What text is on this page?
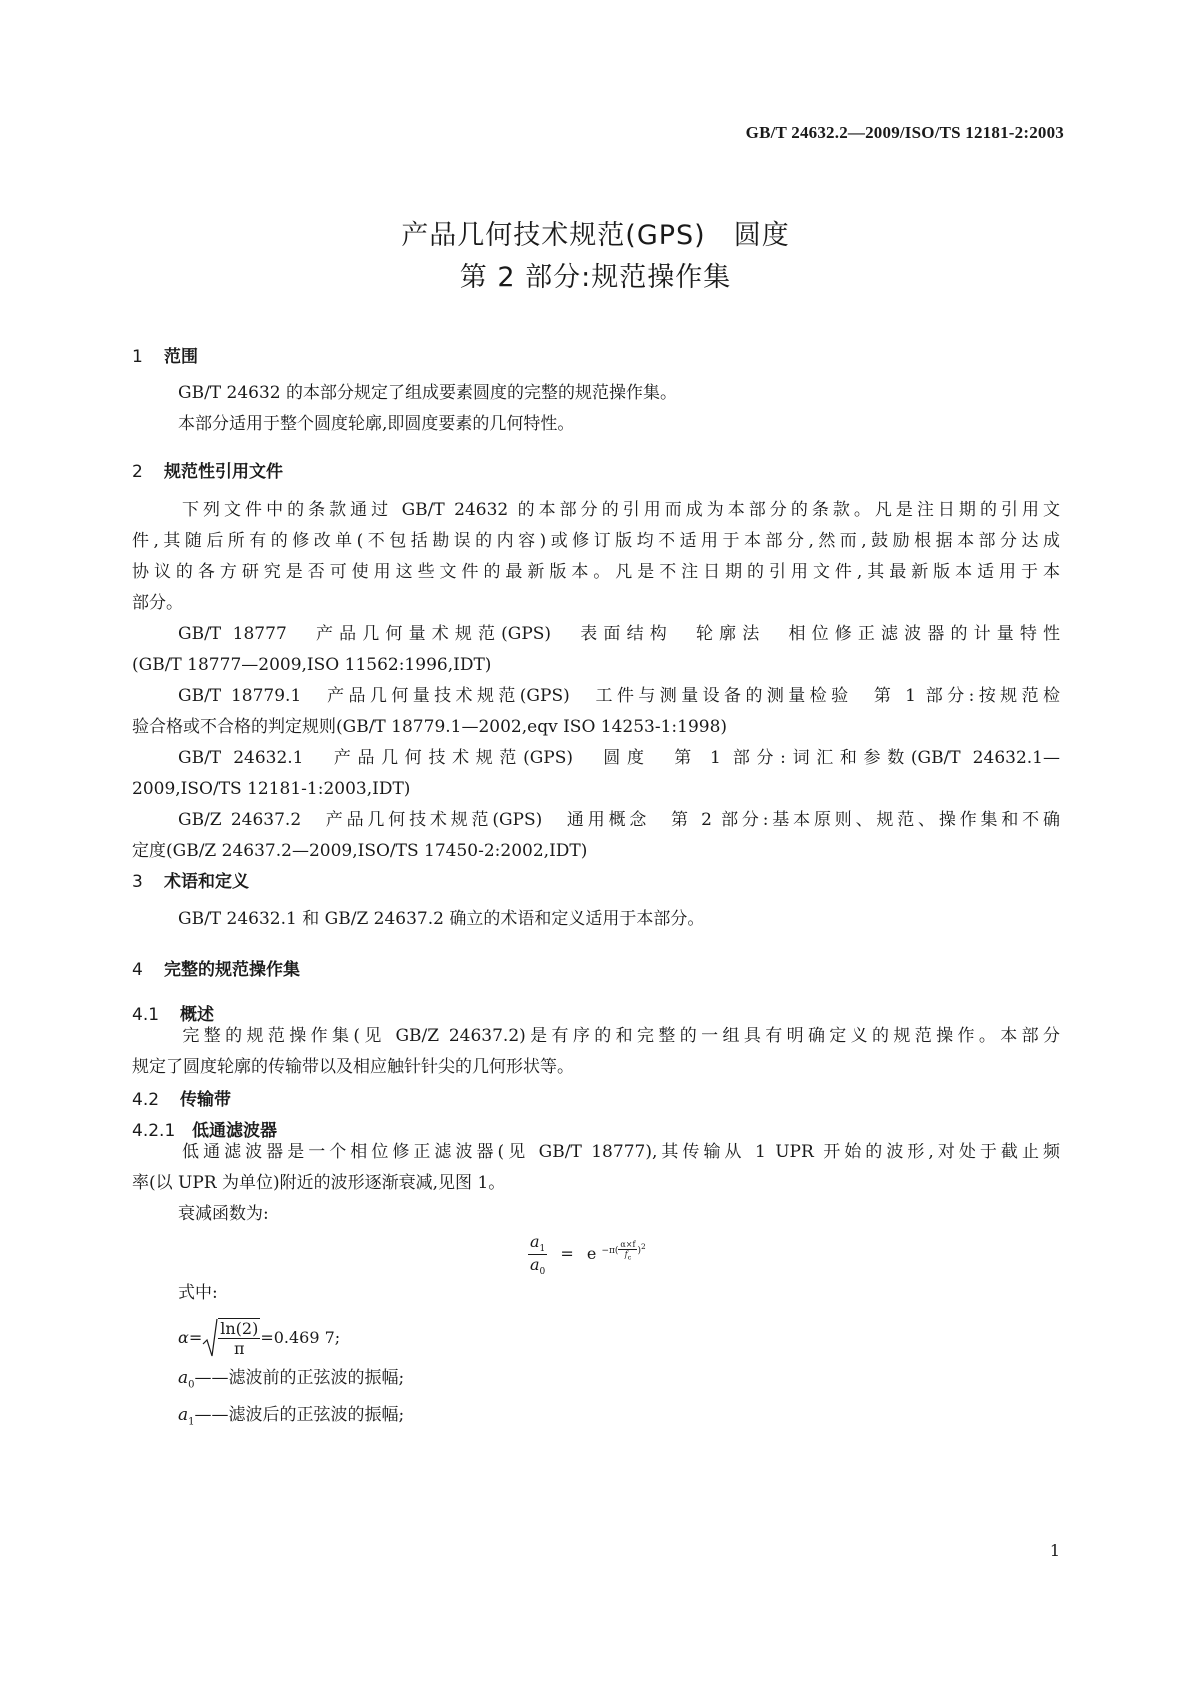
GB/T 24632.2—2009/ISO/TS 12181-2:2003
产品几何技术规范(GPS)　圆度
第 2 部分:规范操作集
1 范围
GB/T 24632 的本部分规定了组成要素圆度的完整的规范操作集。
本部分适用于整个圆度轮廓,即圆度要素的几何特性。
2 规范性引用文件
下列文件中的条款通过 GB/T 24632 的本部分的引用而成为本部分的条款。凡是注日期的引用文
件,其随后所有的修改单(不包括勘误的内容)或修订版均不适用于本部分,然而,鼓励根据本部分达成
协议的各方研究是否可使用这些文件的最新版本。凡是不注日期的引用文件,其最新版本适用于本
部分。
GB/T 18777　产品几何量术规范(GPS)　表面结构　轮廓法　相位修正滤波器的计量特性
(GB/T 18777—2009,ISO 11562:1996,IDT)
GB/T 18779.1　产品几何量技术规范(GPS)　工件与测量设备的测量检验　第 1 部分:按规范检
验合格或不合格的判定规则(GB/T 18779.1—2002,eqv ISO 14253-1:1998)
GB/T 24632.1　产品几何技术规范(GPS)　圆度　第 1 部分:词汇和参数(GB/T 24632.1—
2009,ISO/TS 12181-1:2003,IDT)
GB/Z 24637.2　产品几何技术规范(GPS)　通用概念　第 2 部分:基本原则、规范、操作集和不确
定度(GB/Z 24637.2—2009,ISO/TS 17450-2:2002,IDT)
3 术语和定义
GB/T 24632.1 和 GB/Z 24637.2 确立的术语和定义适用于本部分。
4 完整的规范操作集
4.1 概述
完整的规范操作集(见 GB/Z 24637.2)是有序的和完整的一组具有明确定义的规范操作。本部分
规定了圆度轮廓的传输带以及相应触针针尖的几何形状等。
4.2 传输带
4.2.1 低通滤波器
低通滤波器是一个相位修正滤波器(见 GB/T 18777),其传输从 1 UPR 开始的波形,对处于截止频
率(以 UPR 为单位)附近的波形逐渐衰减,见图 1。
衰减函数为:
$\frac{a_1}{a_0} = e$ $^{-\pi( \frac{\alpha\times f}{f_c} )^2}$
式中:
$\alpha = \frac{\ln(2)}{\pi} =0.469$ 7;
$a_0——$滤波前的正弦波的振幅;
$a_1——$滤波后的正弦波的振幅;
1
